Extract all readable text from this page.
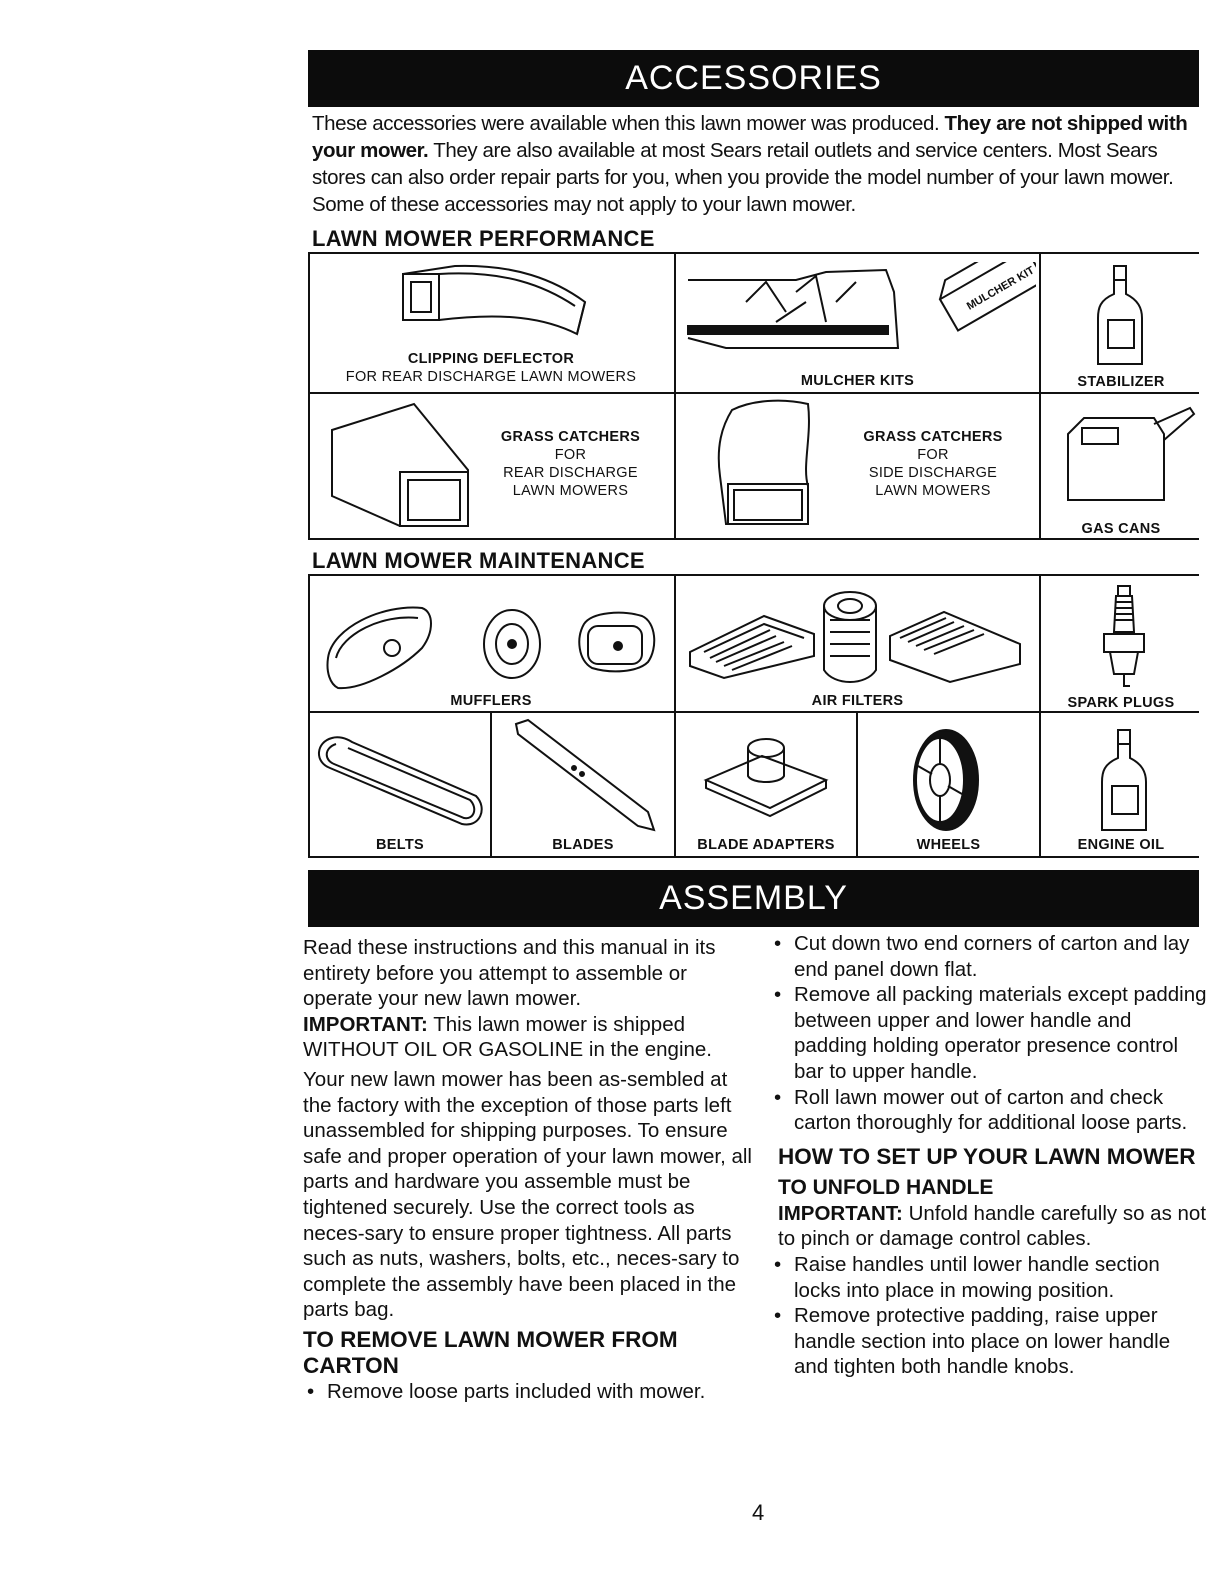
ACCESSORIES
These accessories were available when this lawn mower was produced. They are not shipped with your mower. They are also available at most Sears retail outlets and service centers. Most Sears stores can also order repair parts for you, when you provide the model number of your lawn mower. Some of these accessories may not apply to your lawn mower.
LAWN MOWER PERFORMANCE
CLIPPING DEFLECTOR
FOR REAR DISCHARGE LAWN MOWERS
MULCHER KIT
MULCHER KITS	STABILIZER
GRASS CATCHERS
FOR
REAR DISCHARGE
LAWN MOWERS
GRASS CATCHERS
FOR
SIDE DISCHARGE
LAWN MOWERS
GAS CANS
LAWN MOWER MAINTENANCE
MUFFLERS	AIR FILTERS	SPARK PLUGS
BELTS	BLADES	BLADE ADAPTERS	WHEELS	ENGINE OIL
ASSEMBLY

Read these instructions and this manual in its entirety before you attempt to assemble or operate your new lawn mower.

IMPORTANT: This lawn mower is shipped WITHOUT OIL OR GASOLINE in the engine.

Your new lawn mower has been as-sembled at the factory with the exception of those parts left unassembled for shipping purposes. To ensure safe and proper operation of your lawn mower, all parts and hardware you assemble must be tightened securely. Use the correct tools as neces-sary to ensure proper tightness. All parts such as nuts, washers, bolts, etc., neces-sary to complete the assembly have been placed in the parts bag.

TO REMOVE LAWN MOWER FROM CARTON
• Remove loose parts included with mower.
• Cut down two end corners of carton and lay end panel down flat.
• Remove all packing materials except padding between upper and lower handle and padding holding operator presence control bar to upper handle.
• Roll lawn mower out of carton and check carton thoroughly for additional loose parts.
HOW TO SET UP YOUR LAWN MOWER
TO UNFOLD HANDLE

IMPORTANT: Unfold handle carefully so as not to pinch or damage control cables.

• Raise handles until lower handle section locks into place in mowing position.
• Remove protective padding, raise upper handle section into place on lower handle and tighten both handle knobs.
4
